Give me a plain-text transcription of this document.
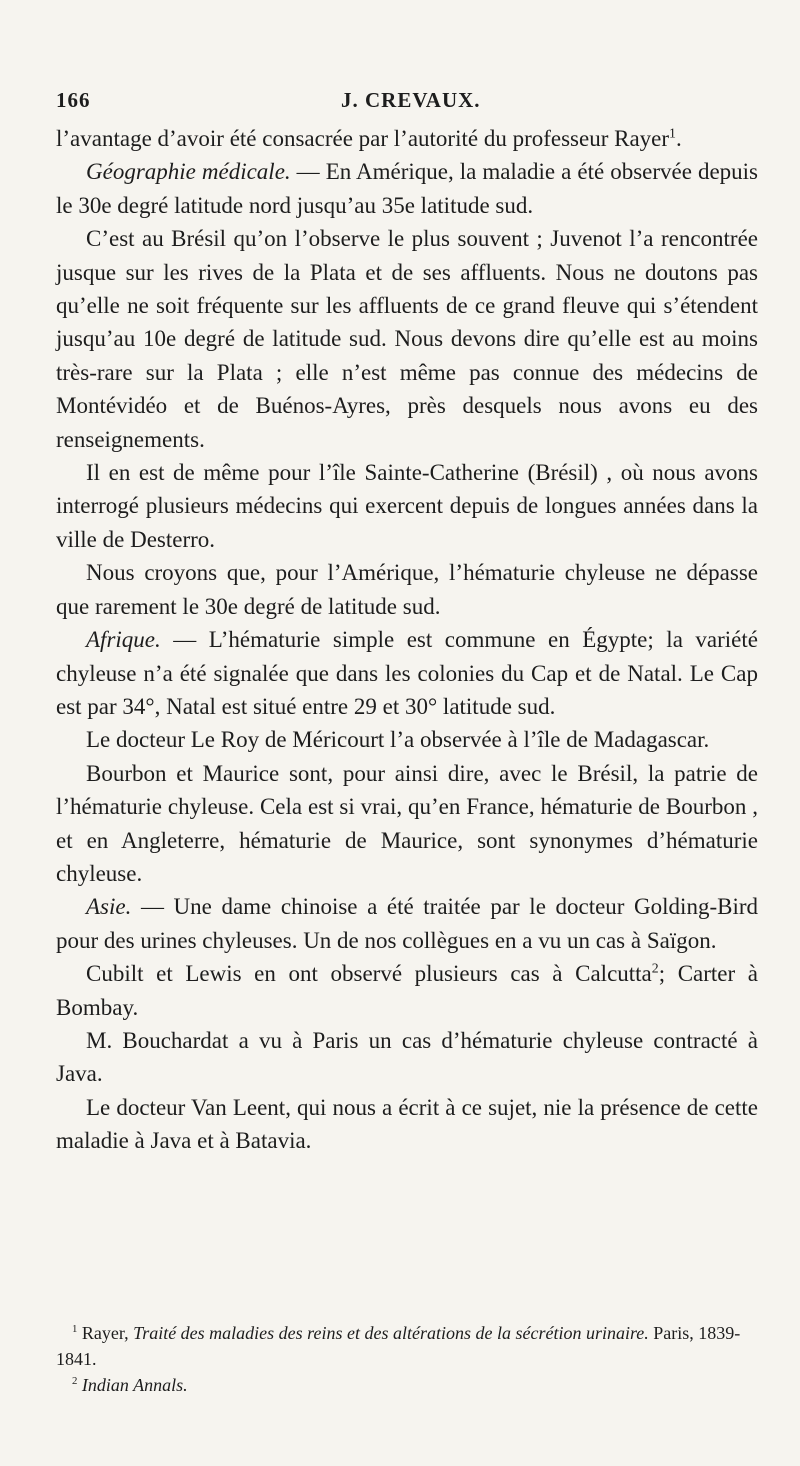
166	J. CREVAUX.

l’avantage d’avoir été consacrée par l’autorité du professeur Rayer$^1$.

Géographie médicale. — En Amérique, la maladie a été observée depuis le 30e degré latitude nord jusqu’au 35e latitude sud.

C’est au Brésil qu’on l’observe le plus souvent ; Juvenot l’a rencontrée jusque sur les rives de la Plata et de ses affluents. Nous ne doutons pas qu’elle ne soit fréquente sur les affluents de ce grand fleuve qui s’étendent jusqu’au 10e degré de latitude sud. Nous devons dire qu’elle est au moins très-rare sur la Plata ; elle n’est même pas connue des médecins de Montévidéo et de Buénos-Ayres, près desquels nous avons eu des renseignements.

Il en est de même pour l’île Sainte-Catherine (Brésil) , où nous avons interrogé plusieurs médecins qui exercent depuis de longues années dans la ville de Desterro.

Nous croyons que, pour l’Amérique, l’hématurie chyleuse ne dépasse que rarement le 30e degré de latitude sud.

Afrique. — L’hématurie simple est commune en Égypte; la variété chyleuse n’a été signalée que dans les colonies du Cap et de Natal. Le Cap est par 34°, Natal est situé entre 29 et 30° latitude sud.

Le docteur Le Roy de Méricourt l’a observée à l’île de Madagascar.

Bourbon et Maurice sont, pour ainsi dire, avec le Brésil, la patrie de l’hématurie chyleuse. Cela est si vrai, qu’en France, hématurie de Bourbon , et en Angleterre, hématurie de Maurice, sont synonymes d’hématurie chyleuse.

Asie. — Une dame chinoise a été traitée par le docteur Golding-Bird pour des urines chyleuses. Un de nos collègues en a vu un cas à Saïgon.

Cubilt et Lewis en ont observé plusieurs cas à Calcutta$^2$; Carter à Bombay.

M. Bouchardat a vu à Paris un cas d’hématurie chyleuse contracté à Java.

Le docteur Van Leent, qui nous a écrit à ce sujet, nie la présence de cette maladie à Java et à Batavia.

$^1$ Rayer, Traité des maladies des reins et des altérations de la sécrétion urinaire. Paris, 1839-1841.

$^2$ Indian Annals.
